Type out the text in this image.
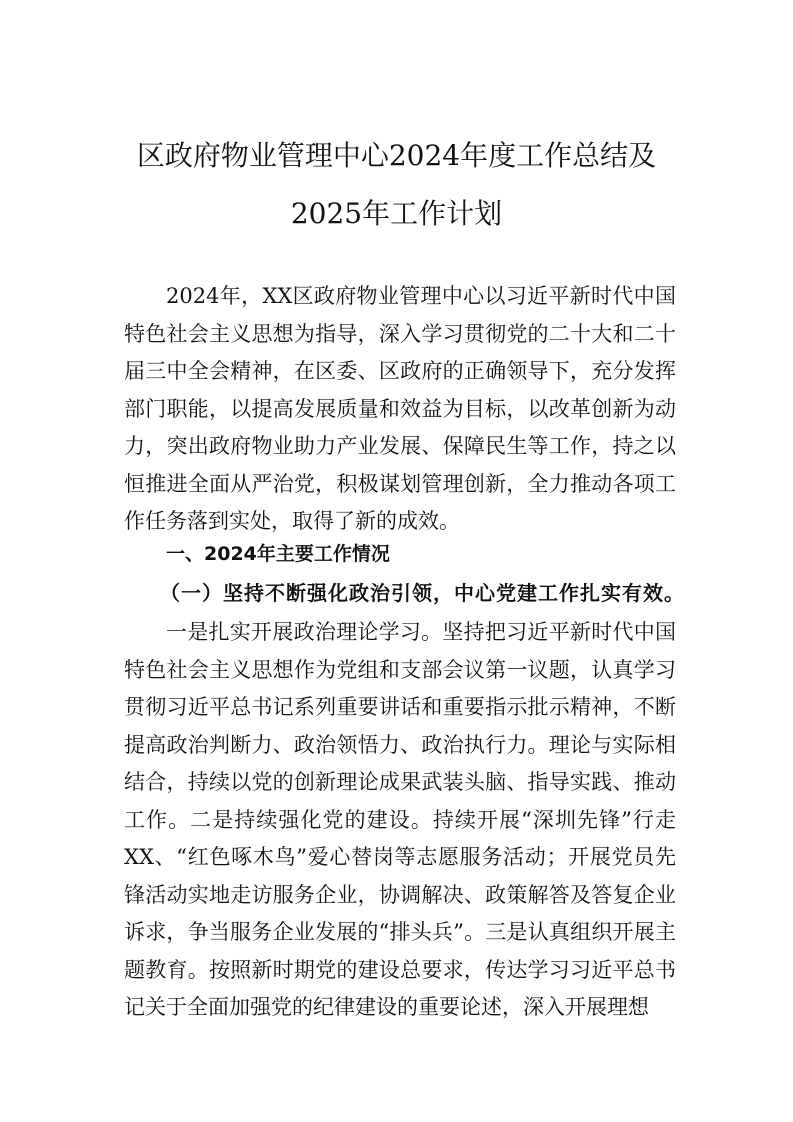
区政府物业管理中心2024年度工作总结及
2025年工作计划
2024年，XX区政府物业管理中心以习近平新时代中国特色社会主义思想为指导，深入学习贯彻党的二十大和二十届三中全会精神，在区委、区政府的正确领导下，充分发挥部门职能，以提高发展质量和效益为目标，以改革创新为动力，突出政府物业助力产业发展、保障民生等工作，持之以恒推进全面从严治党，积极谋划管理创新，全力推动各项工作任务落到实处，取得了新的成效。
一、2024年主要工作情况
（一）坚持不断强化政治引领，中心党建工作扎实有效。
一是扎实开展政治理论学习。坚持把习近平新时代中国特色社会主义思想作为党组和支部会议第一议题，认真学习贯彻习近平总书记系列重要讲话和重要指示批示精神，不断提高政治判断力、政治领悟力、政治执行力。理论与实际相结合，持续以党的创新理论成果武装头脑、指导实践、推动工作。二是持续强化党的建设。持续开展“深圳先锋”行走XX、“红色啄木鸟”爱心替岗等志愿服务活动；开展党员先锋活动实地走访服务企业，协调解决、政策解答及答复企业诉求，争当服务企业发展的“排头兵”。三是认真组织开展主题教育。按照新时期党的建设总要求，传达学习习近平总书记关于全面加强党的纪律建设的重要论述，深入开展理想
